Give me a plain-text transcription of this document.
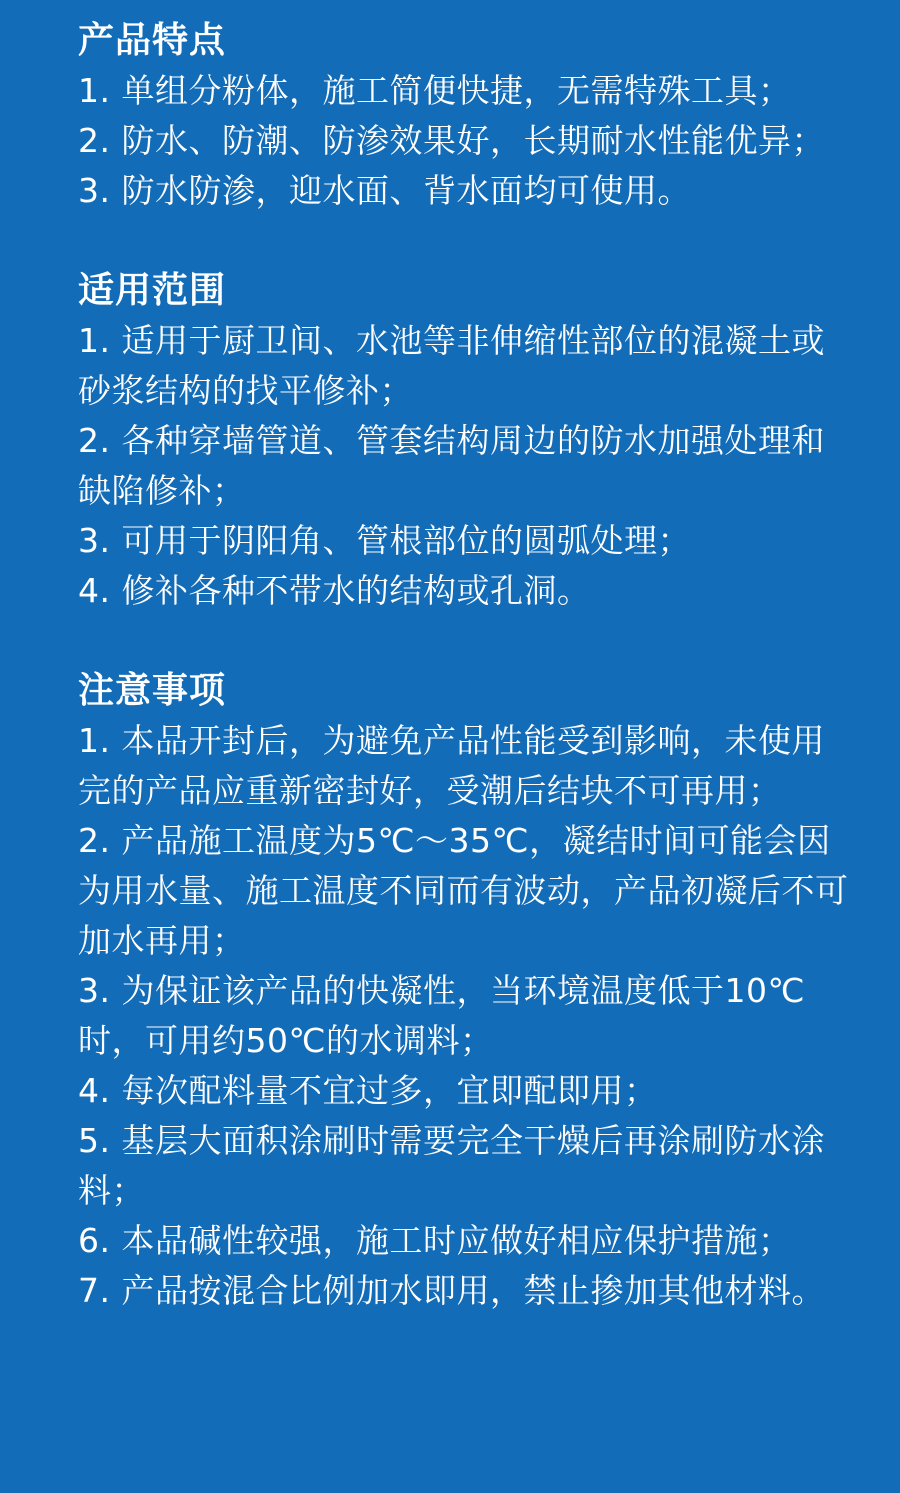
产品特点

1. 单组分粉体，施工简便快捷，无需特殊工具；

2. 防水、防潮、防渗效果好，长期耐水性能优异；

3. 防水防渗，迎水面、背水面均可使用。

适用范围

1. 适用于厨卫间、水池等非伸缩性部位的混凝土或砂浆结构的找平修补；

2. 各种穿墙管道、管套结构周边的防水加强处理和缺陷修补；

3. 可用于阴阳角、管根部位的圆弧处理；

4. 修补各种不带水的结构或孔洞。

注意事项

1. 本品开封后，为避免产品性能受到影响，未使用完的产品应重新密封好，受潮后结块不可再用；

2. 产品施工温度为5℃～35℃，凝结时间可能会因为用水量、施工温度不同而有波动，产品初凝后不可加水再用；

3. 为保证该产品的快凝性，当环境温度低于10℃时，可用约50℃的水调料；

4. 每次配料量不宜过多，宜即配即用；

5. 基层大面积涂刷时需要完全干燥后再涂刷防水涂料；

6. 本品碱性较强，施工时应做好相应保护措施；

7. 产品按混合比例加水即用，禁止掺加其他材料。
